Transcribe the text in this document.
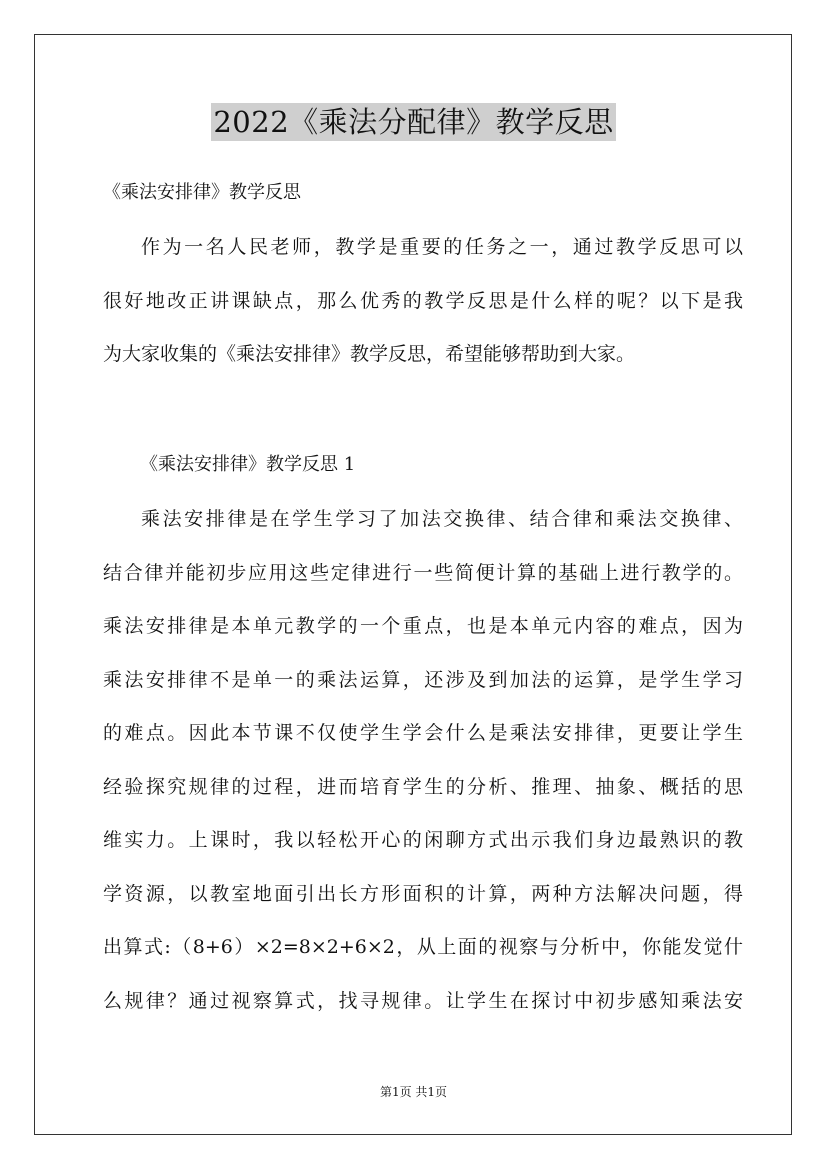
2022《乘法分配律》教学反思
《乘法安排律》教学反思
作为一名人民老师，教学是重要的任务之一，通过教学反思可以
很好地改正讲课缺点，那么优秀的教学反思是什么样的呢？以下是我
为大家收集的《乘法安排律》教学反思，希望能够帮助到大家。
《乘法安排律》教学反思 1
乘法安排律是在学生学习了加法交换律、结合律和乘法交换律、
结合律并能初步应用这些定律进行一些简便计算的基础上进行教学的。
乘法安排律是本单元教学的一个重点，也是本单元内容的难点，因为
乘法安排律不是单一的乘法运算，还涉及到加法的运算，是学生学习
的难点。因此本节课不仅使学生学会什么是乘法安排律，更要让学生
经验探究规律的过程，进而培育学生的分析、推理、抽象、概括的思
维实力。上课时，我以轻松开心的闲聊方式出示我们身边最熟识的教
学资源，以教室地面引出长方形面积的计算，两种方法解决问题，得
出算式:（8+6）×2=8×2+6×2，从上面的视察与分析中，你能发觉什
么规律？通过视察算式，找寻规律。让学生在探讨中初步感知乘法安
第1页 共1页
